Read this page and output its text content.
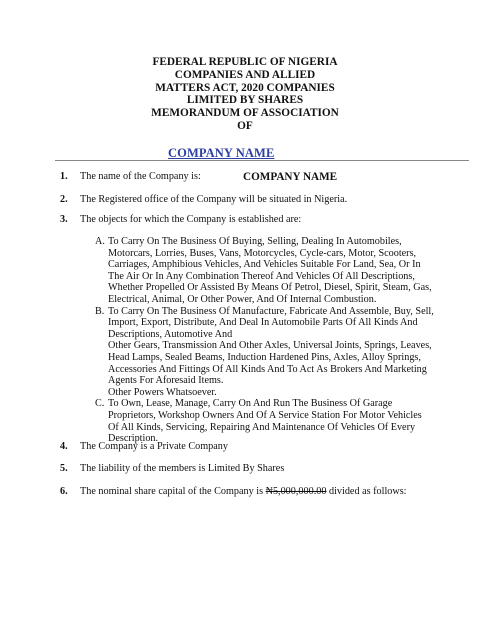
FEDERAL REPUBLIC OF NIGERIA
COMPANIES AND ALLIED
MATTERS ACT, 2020 COMPANIES
LIMITED BY SHARES
MEMORANDUM OF ASSOCIATION
OF
COMPANY NAME
1. The name of the Company is:	COMPANY NAME
2. The Registered office of the Company will be situated in Nigeria.
3. The objects for which the Company is established are:
A. To Carry On The Business Of Buying, Selling, Dealing In Automobiles,
Motorcars, Lorries, Buses, Vans, Motorcycles, Cycle-cars, Motor, Scooters,
Carriages, Amphibious Vehicles, And Vehicles Suitable For Land, Sea, Or In
The Air Or In Any Combination Thereof And Vehicles Of All Descriptions,
Whether Propelled Or Assisted By Means Of Petrol, Diesel, Spirit, Steam, Gas,
Electrical, Animal, Or Other Power, And Of Internal Combustion.
B. To Carry On The Business Of Manufacture, Fabricate And Assemble, Buy, Sell,
Import, Export, Distribute, And Deal In Automobile Parts Of All Kinds And
Descriptions, Automotive And
Other Gears, Transmission And Other Axles, Universal Joints, Springs, Leaves,
Head Lamps, Sealed Beams, Induction Hardened Pins, Axles, Alloy Springs,
Accessories And Fittings Of All Kinds And To Act As Brokers And Marketing
Agents For Aforesaid Items.
Other Powers Whatsoever.
C. To Own, Lease, Manage, Carry On And Run The Business Of Garage
Proprietors, Workshop Owners And Of A Service Station For Motor Vehicles
Of All Kinds, Servicing, Repairing And Maintenance Of Vehicles Of Every
Description.
4. The Company is a Private Company
5. The liability of the members is Limited By Shares
6. The nominal share capital of the Company is ₦5,000,000.00 divided as follows:
